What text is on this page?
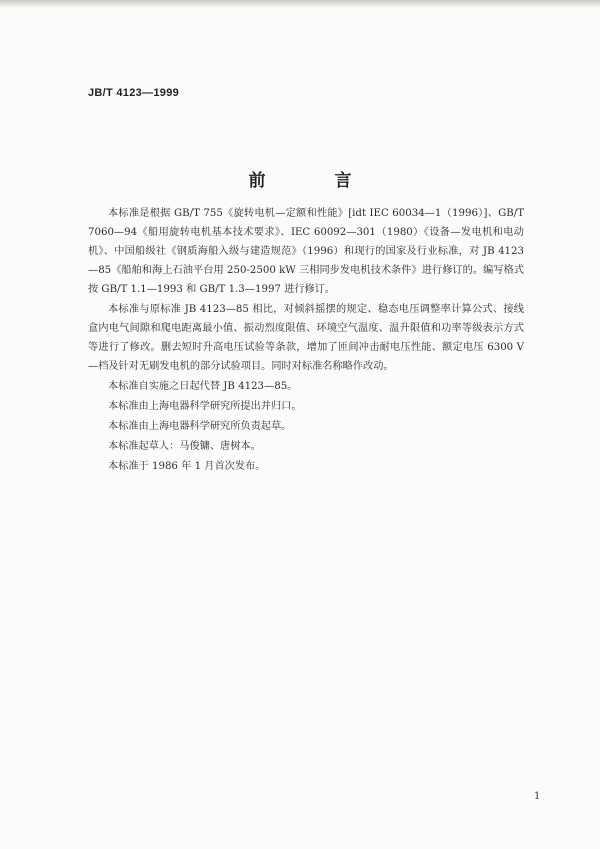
JB/T 4123—1999
前　言

本标准是根据 GB/T 755《旋转电机—定额和性能》[idt IEC 60034—1（1996）]、GB/T 7060—94《船用旋转电机基本技术要求》、IEC 60092—301（1980）《设备—发电机和电动机》、中国船级社《钢质海船入级与建造规范》（1996）和现行的国家及行业标准，对 JB 4123—85《船舶和海上石油平台用 250-2500 kW 三相同步发电机技术条件》进行修订的。编写格式按 GB/T 1.1—1993 和 GB/T 1.3—1997 进行修订。

本标准与原标准 JB 4123—85 相比，对倾斜摇摆的规定、稳态电压调整率计算公式、接线盒内电气间隙和爬电距离最小值、振动烈度限值、环境空气温度、温升限值和功率等级表示方式等进行了修改。删去短时升高电压试验等条款，增加了匝间冲击耐电压性能、额定电压 6300 V—档及针对无刷发电机的部分试验项目。同时对标准名称略作改动。

本标准自实施之日起代替 JB 4123—85。

本标准由上海电器科学研究所提出并归口。

本标准由上海电器科学研究所负责起草。

本标准起草人：马俊镛、唐树本。

本标准于 1986 年 1 月首次发布。

1
